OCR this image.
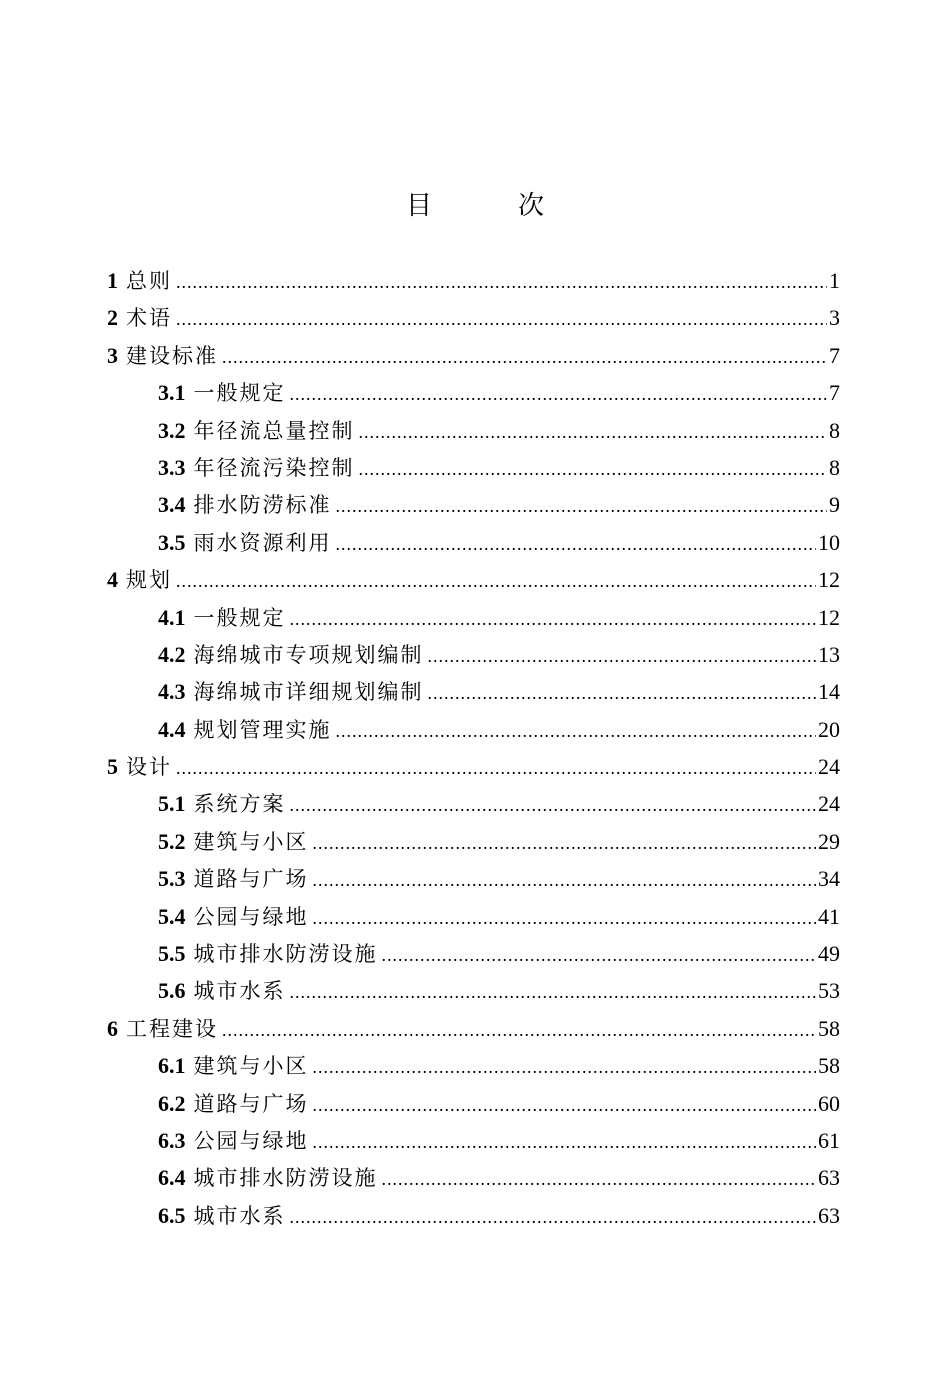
目　次
1 总则 .....	1
2 术语 .....	3
3 建设标准 .....	7
3.1 一般规定 .....	7
3.2 年径流总量控制 .....	8
3.3 年径流污染控制 .....	8
3.4 排水防涝标准 .....	9
3.5 雨水资源利用 .....	10
4 规划 .....	12
4.1 一般规定 .....	12
4.2 海绵城市专项规划编制 .....	13
4.3 海绵城市详细规划编制 .....	14
4.4 规划管理实施 .....	20
5 设计 .....	24
5.1 系统方案 .....	24
5.2 建筑与小区 .....	29
5.3 道路与广场 .....	34
5.4 公园与绿地 .....	41
5.5 城市排水防涝设施 .....	49
5.6 城市水系 .....	53
6 工程建设 .....	58
6.1 建筑与小区 .....	58
6.2 道路与广场 .....	60
6.3 公园与绿地 .....	61
6.4 城市排水防涝设施 .....	63
6.5 城市水系 .....	63
